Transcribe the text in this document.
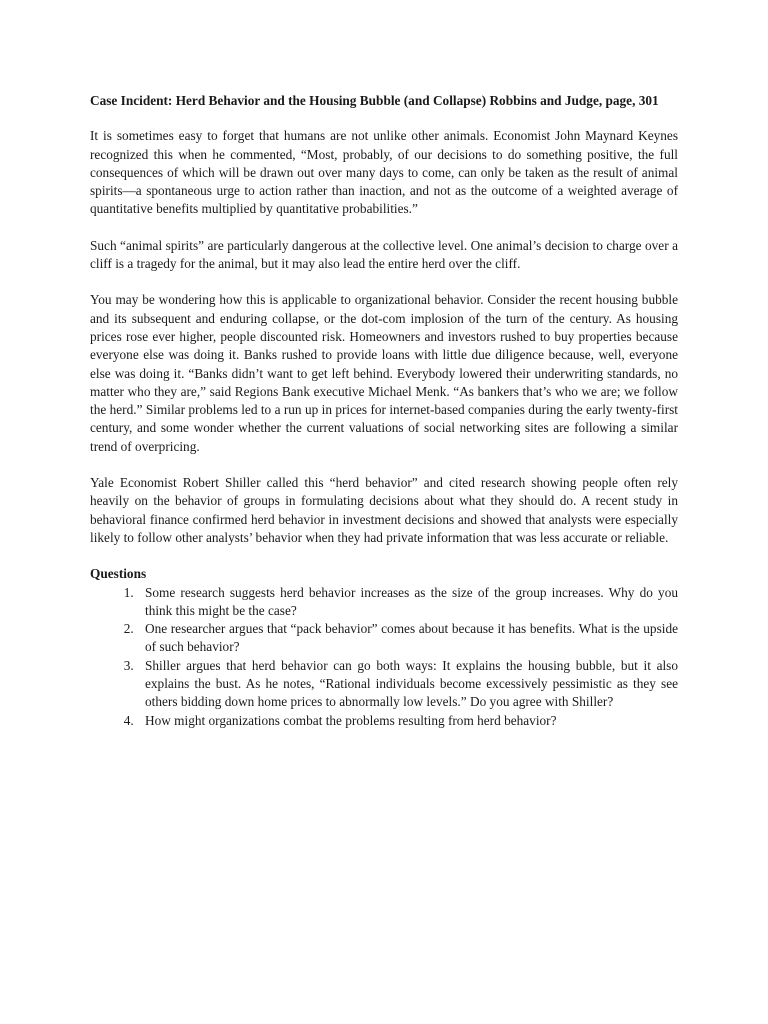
Case Incident: Herd Behavior and the Housing Bubble (and Collapse) Robbins and Judge, page, 301

It is sometimes easy to forget that humans are not unlike other animals. Economist John Maynard Keynes recognized this when he commented, “Most, probably, of our decisions to do something positive, the full consequences of which will be drawn out over many days to come, can only be taken as the result of animal spirits—a spontaneous urge to action rather than inaction, and not as the outcome of a weighted average of quantitative benefits multiplied by quantitative probabilities.”

Such “animal spirits” are particularly dangerous at the collective level. One animal’s decision to charge over a cliff is a tragedy for the animal, but it may also lead the entire herd over the cliff.

You may be wondering how this is applicable to organizational behavior. Consider the recent housing bubble and its subsequent and enduring collapse, or the dot-com implosion of the turn of the century. As housing prices rose ever higher, people discounted risk. Homeowners and investors rushed to buy properties because everyone else was doing it. Banks rushed to provide loans with little due diligence because, well, everyone else was doing it. “Banks didn’t want to get left behind. Everybody lowered their underwriting standards, no matter who they are,” said Regions Bank executive Michael Menk. “As bankers that’s who we are; we follow the herd.” Similar problems led to a run up in prices for internet-based companies during the early twenty-first century, and some wonder whether the current valuations of social networking sites are following a similar trend of overpricing.

Yale Economist Robert Shiller called this “herd behavior” and cited research showing people often rely heavily on the behavior of groups in formulating decisions about what they should do. A recent study in behavioral finance confirmed herd behavior in investment decisions and showed that analysts were especially likely to follow other analysts’ behavior when they had private information that was less accurate or reliable.

Questions
1. Some research suggests herd behavior increases as the size of the group increases. Why do you think this might be the case?
2. One researcher argues that “pack behavior” comes about because it has benefits. What is the upside of such behavior?
3. Shiller argues that herd behavior can go both ways: It explains the housing bubble, but it also explains the bust. As he notes, “Rational individuals become excessively pessimistic as they see others bidding down home prices to abnormally low levels.” Do you agree with Shiller?
4. How might organizations combat the problems resulting from herd behavior?
